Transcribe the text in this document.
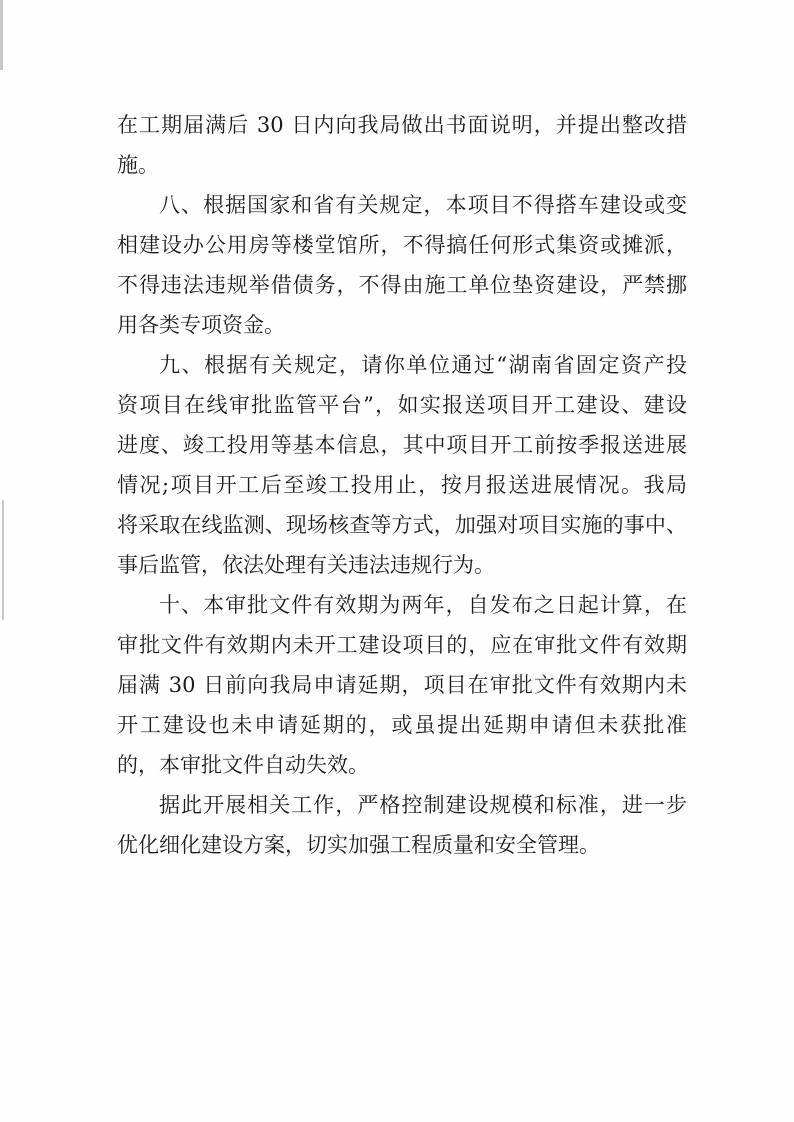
在工期届满后 30 日内向我局做出书面说明，并提出整改措
施。
八、根据国家和省有关规定，本项目不得搭车建设或变
相建设办公用房等楼堂馆所，不得搞任何形式集资或摊派，
不得违法违规举借债务，不得由施工单位垫资建设，严禁挪
用各类专项资金。
九、根据有关规定，请你单位通过“湖南省固定资产投
资项目在线审批监管平台”，如实报送项目开工建设、建设
进度、竣工投用等基本信息，其中项目开工前按季报送进展
情况;项目开工后至竣工投用止，按月报送进展情况。我局
将采取在线监测、现场核查等方式，加强对项目实施的事中、
事后监管，依法处理有关违法违规行为。
十、本审批文件有效期为两年，自发布之日起计算，在
审批文件有效期内未开工建设项目的，应在审批文件有效期
届满 30 日前向我局申请延期，项目在审批文件有效期内未
开工建设也未申请延期的，或虽提出延期申请但未获批准
的，本审批文件自动失效。
据此开展相关工作，严格控制建设规模和标准，进一步
优化细化建设方案，切实加强工程质量和安全管理。
